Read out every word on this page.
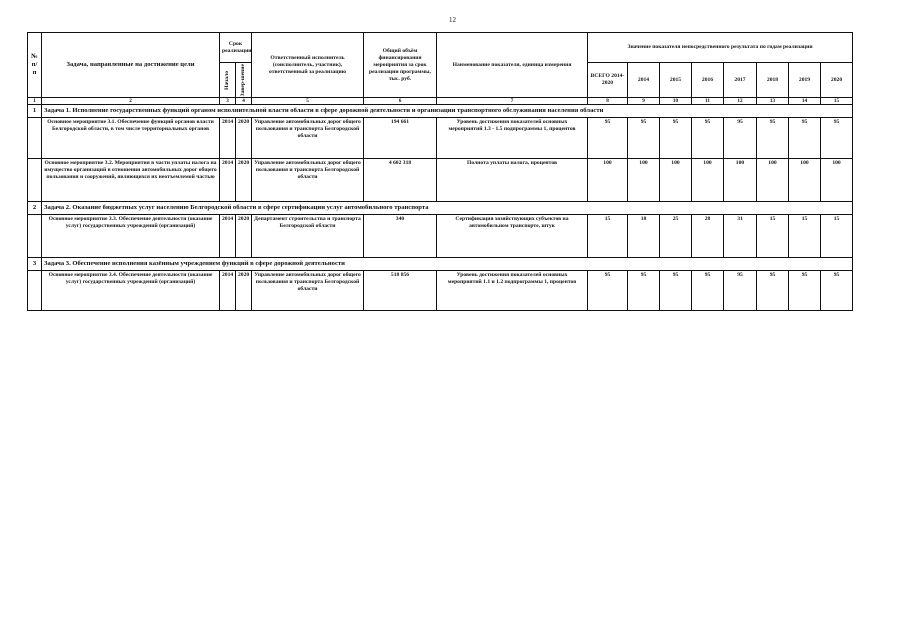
12
№
п/п	Задача, направленные на достижение цели	Срок реализации		Ответственный исполнитель (соисполнитель, участник), ответственный за реализацию	Общий объём финансирования мероприятия за срок реализации программы, тыс. руб.	Наименование показателя, единица измерения	Значение показателя непосредственного результата по годам реализации							

		Начало	Завер-шение				ВСЕГО 2014-2020	2014	2015	2016	2017	2018	2019	2020
1	2	3	4	5	6	7	8	9	10	11	12	13	14	15
1	Задача 1. Исполнение государственных функций органом исполнительной власти области в сфере дорожной деятельности и организации транспортного обслуживания населения области													
	Основное мероприятие 3.1. Обеспечение функций органов власти Белгородской области, в том числе территориальных органов	2014	2020	Управление автомобильных дорог общего пользования и транспорта Белгородской области	194 661	Уровень достижения показателей основных мероприятий 1.3 - 1.5 подпрограммы 1, процентов	95	95	95	95	95	95	95	95
	Основное мероприятие 3.2. Мероприятия в части уплаты налога на имущество организаций в отношении автомобильных дорог общего пользования и сооружений, являющихся их неотъемлемой частью	2014	2020	Управление автомобильных дорог общего пользования и транспорта Белгородской области	4 602 318	Полнота уплаты налога, процентов	100	100	100	100	100	100	100	100
2	Задача 2. Оказание бюджетных услуг населению Белгородской области в сфере сертификации услуг автомобильного транспорта													
	Основное мероприятие 3.3. Обеспечение деятельности (оказание услуг) государственных учреждений (организаций)	2014	2020	Департамент строительства и транспорта Белгородской области	340	Сертификация хозяйствующих субъектов на автомобильном транспорте, штук	15	18	25	28	31	15	15	15
3	Задача 3. Обеспечение исполнения казённым учреждением функций в сфере дорожной деятельности													
	Основное мероприятие 3.4. Обеспечение деятельности (оказание услуг) государственных учреждений (организаций)	2014	2020	Управление автомобильных дорог общего пользования и транспорта Белгородской области	518 856	Уровень достижения показателей основных мероприятий 1.1 и 1.2 подпрограммы 1, процентов	95	95	95	95	95	95	95	95
